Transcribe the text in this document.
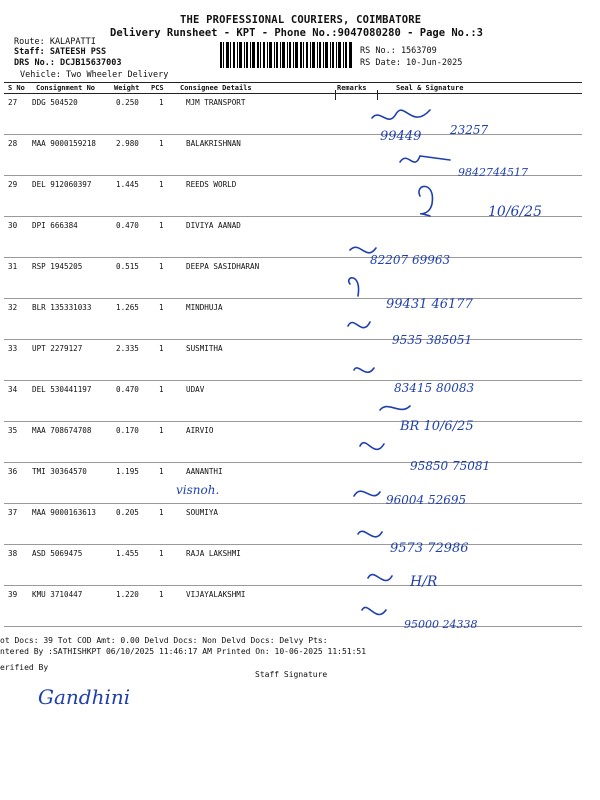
THE PROFESSIONAL COURIERS, COIMBATORE
Delivery Runsheet - KPT - Phone No.:9047080280 - Page No.:3
Route: KALAPATTI
Staff: SATEESH PSS
DRS No.: DCJB15637003
Vehicle: Two Wheeler Delivery
RS No.: 1563709
RS Date: 10-Jun-2025
S No Consignment No	Weight PCS Consignee Details	Remarks	Seal & Signature
27 DDG 504520	0.250	1	MJM TRANSPORT
28 MAA 9000159218	2.980	1	BALAKRISHNAN
29 DEL 912060397	1.445	1	REEDS WORLD
30 DPI 666384	0.470	1	DIVIYA AANAD
31 RSP 1945205	0.515	1	DEEPA SASIDHARAN
32 BLR 135331033	1.265	1	MINDHUJA
33 UPT 2279127	2.335	1	SUSMITHA
34 DEL 530441197	0.470	1	UDAV
35 MAA 708674708	0.170	1	AIRVIO
36 TMI 30364570	1.195	1	AANANTHI
37 MAA 9000163613	0.205	1	SOUMIYA
38 ASD 5069475	1.455	1	RAJA LAKSHMI
39 KMU 3710447	1.220	1	VIJAYALAKSHMI
99449 23257
9842744517
10/6/25
82207 69963
99431 46177
9535 385051
83415 80083
BR 10/6/25
95850 75081
96004 52695
9573 72986
H/R
95000 24338
visnoh.
ot Docs: 39 Tot COD Amt: 0.00 Delvd Docs: Non Delvd Docs: Delvy Pts:
ntered By :SATHISHKPT 06/10/2025 11:46:17 AM Printed On: 10-06-2025 11:51:51
erified By
Staff Signature
Gandhini
